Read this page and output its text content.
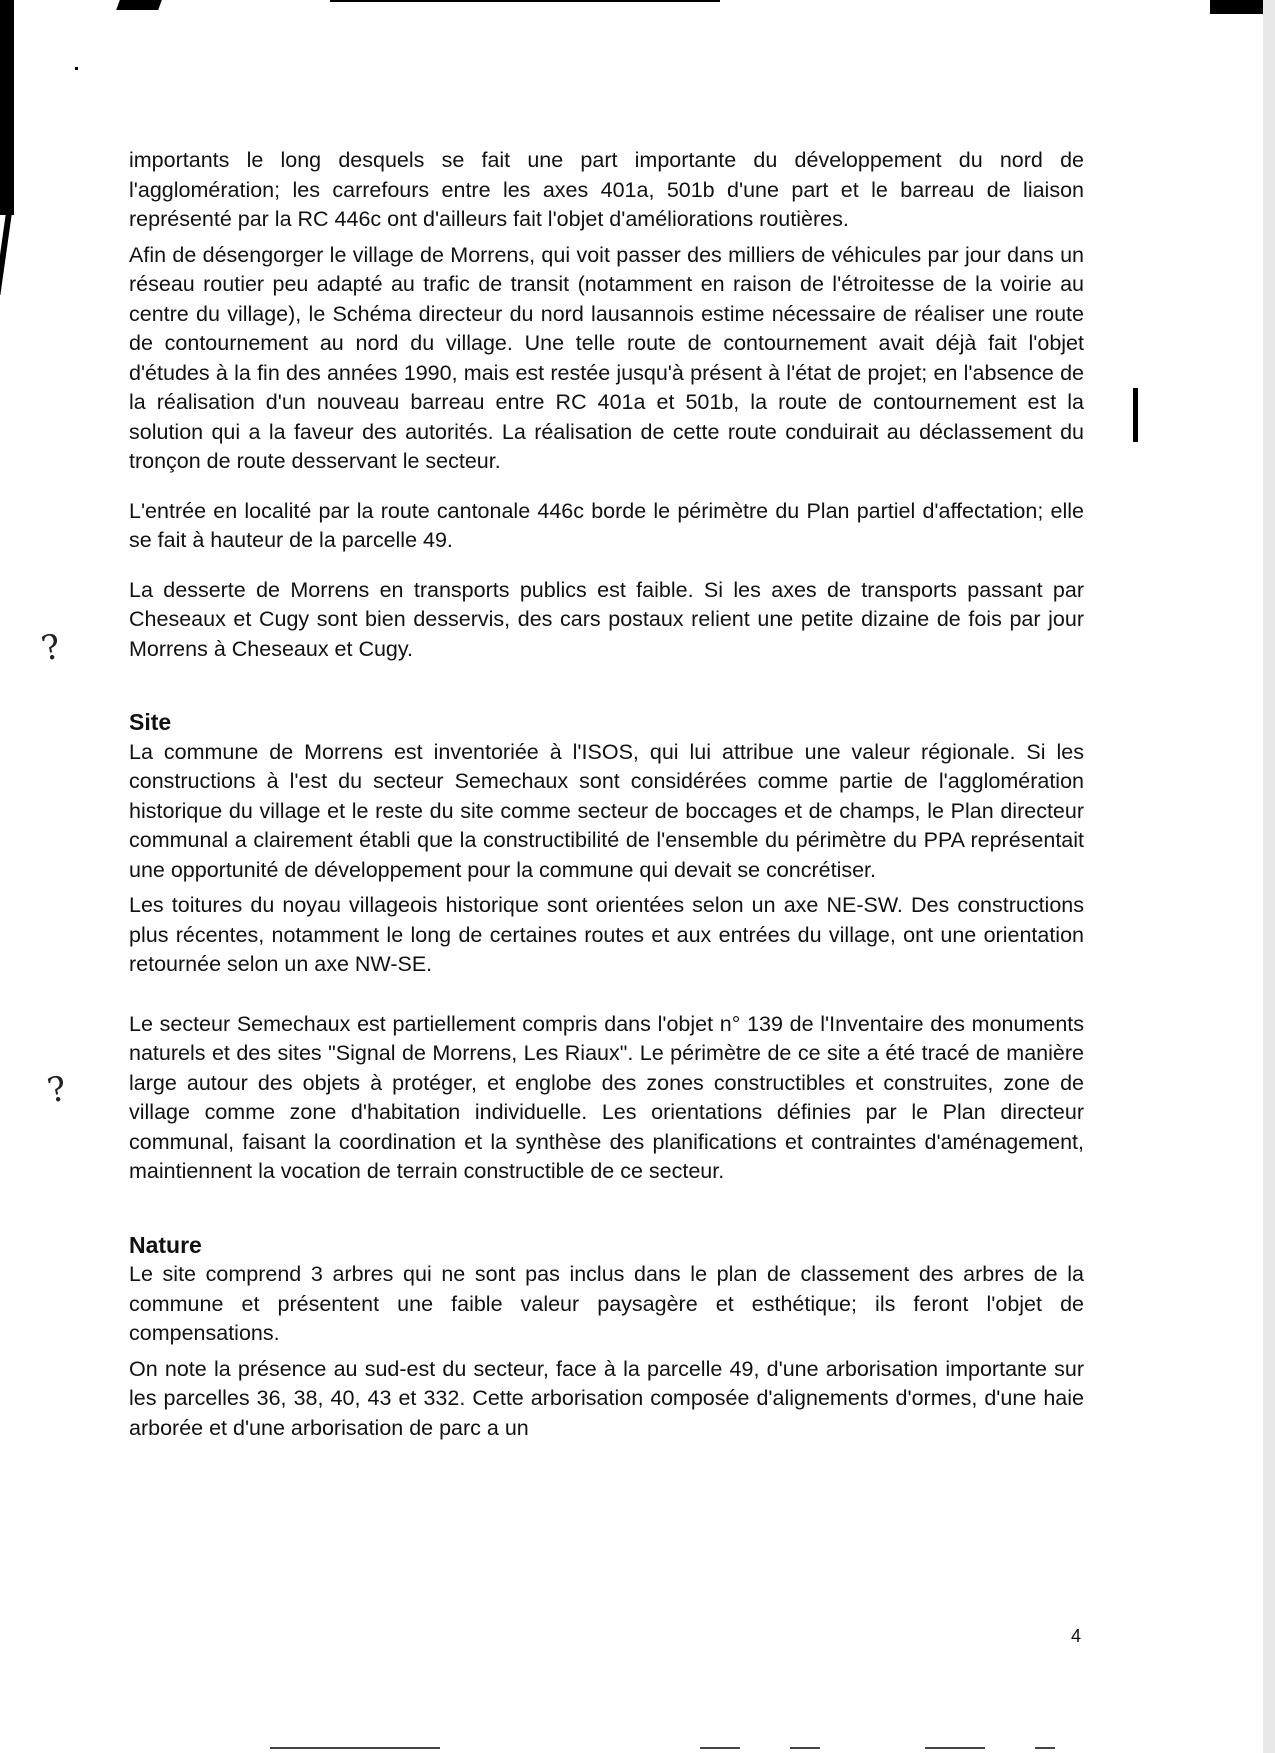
?
?

importants le long desquels se fait une part importante du développement du nord de l'agglomération; les carrefours entre les axes 401a, 501b d'une part et le barreau de liaison représenté par la RC 446c ont d'ailleurs fait l'objet d'améliorations routières.

Afin de désengorger le village de Morrens, qui voit passer des milliers de véhicules par jour dans un réseau routier peu adapté au trafic de transit (notamment en raison de l'étroitesse de la voirie au centre du village), le Schéma directeur du nord lausannois estime nécessaire de réaliser une route de contournement au nord du village. Une telle route de contournement avait déjà fait l'objet d'études à la fin des années 1990, mais est restée jusqu'à présent à l'état de projet; en l'absence de la réalisation d'un nouveau barreau entre RC 401a et 501b, la route de contournement est la solution qui a la faveur des autorités. La réalisation de cette route conduirait au déclassement du tronçon de route desservant le secteur.

L'entrée en localité par la route cantonale 446c borde le périmètre du Plan partiel d'affectation; elle se fait à hauteur de la parcelle 49.

La desserte de Morrens en transports publics est faible. Si les axes de transports passant par Cheseaux et Cugy sont bien desservis, des cars postaux relient une petite dizaine de fois par jour Morrens à Cheseaux et Cugy.

Site

La commune de Morrens est inventoriée à l'ISOS, qui lui attribue une valeur régionale. Si les constructions à l'est du secteur Semechaux sont considérées comme partie de l'agglomération historique du village et le reste du site comme secteur de boccages et de champs, le Plan directeur communal a clairement établi que la constructibilité de l'ensemble du périmètre du PPA représentait une opportunité de développement pour la commune qui devait se concrétiser.

Les toitures du noyau villageois historique sont orientées selon un axe NE-SW. Des constructions plus récentes, notamment le long de certaines routes et aux entrées du village, ont une orientation retournée selon un axe NW-SE.

Le secteur Semechaux est partiellement compris dans l'objet n° 139 de l'Inventaire des monuments naturels et des sites "Signal de Morrens, Les Riaux". Le périmètre de ce site a été tracé de manière large autour des objets à protéger, et englobe des zones constructibles et construites, zone de village comme zone d'habitation individuelle. Les orientations définies par le Plan directeur communal, faisant la coordination et la synthèse des planifications et contraintes d'aménagement, maintiennent la vocation de terrain constructible de ce secteur.

Nature

Le site comprend 3 arbres qui ne sont pas inclus dans le plan de classement des arbres de la commune et présentent une faible valeur paysagère et esthétique; ils feront l'objet de compensations.

On note la présence au sud-est du secteur, face à la parcelle 49, d'une arborisation importante sur les parcelles 36, 38, 40, 43 et 332. Cette arborisation composée d'alignements d'ormes, d'une haie arborée et d'une arborisation de parc a un

4
